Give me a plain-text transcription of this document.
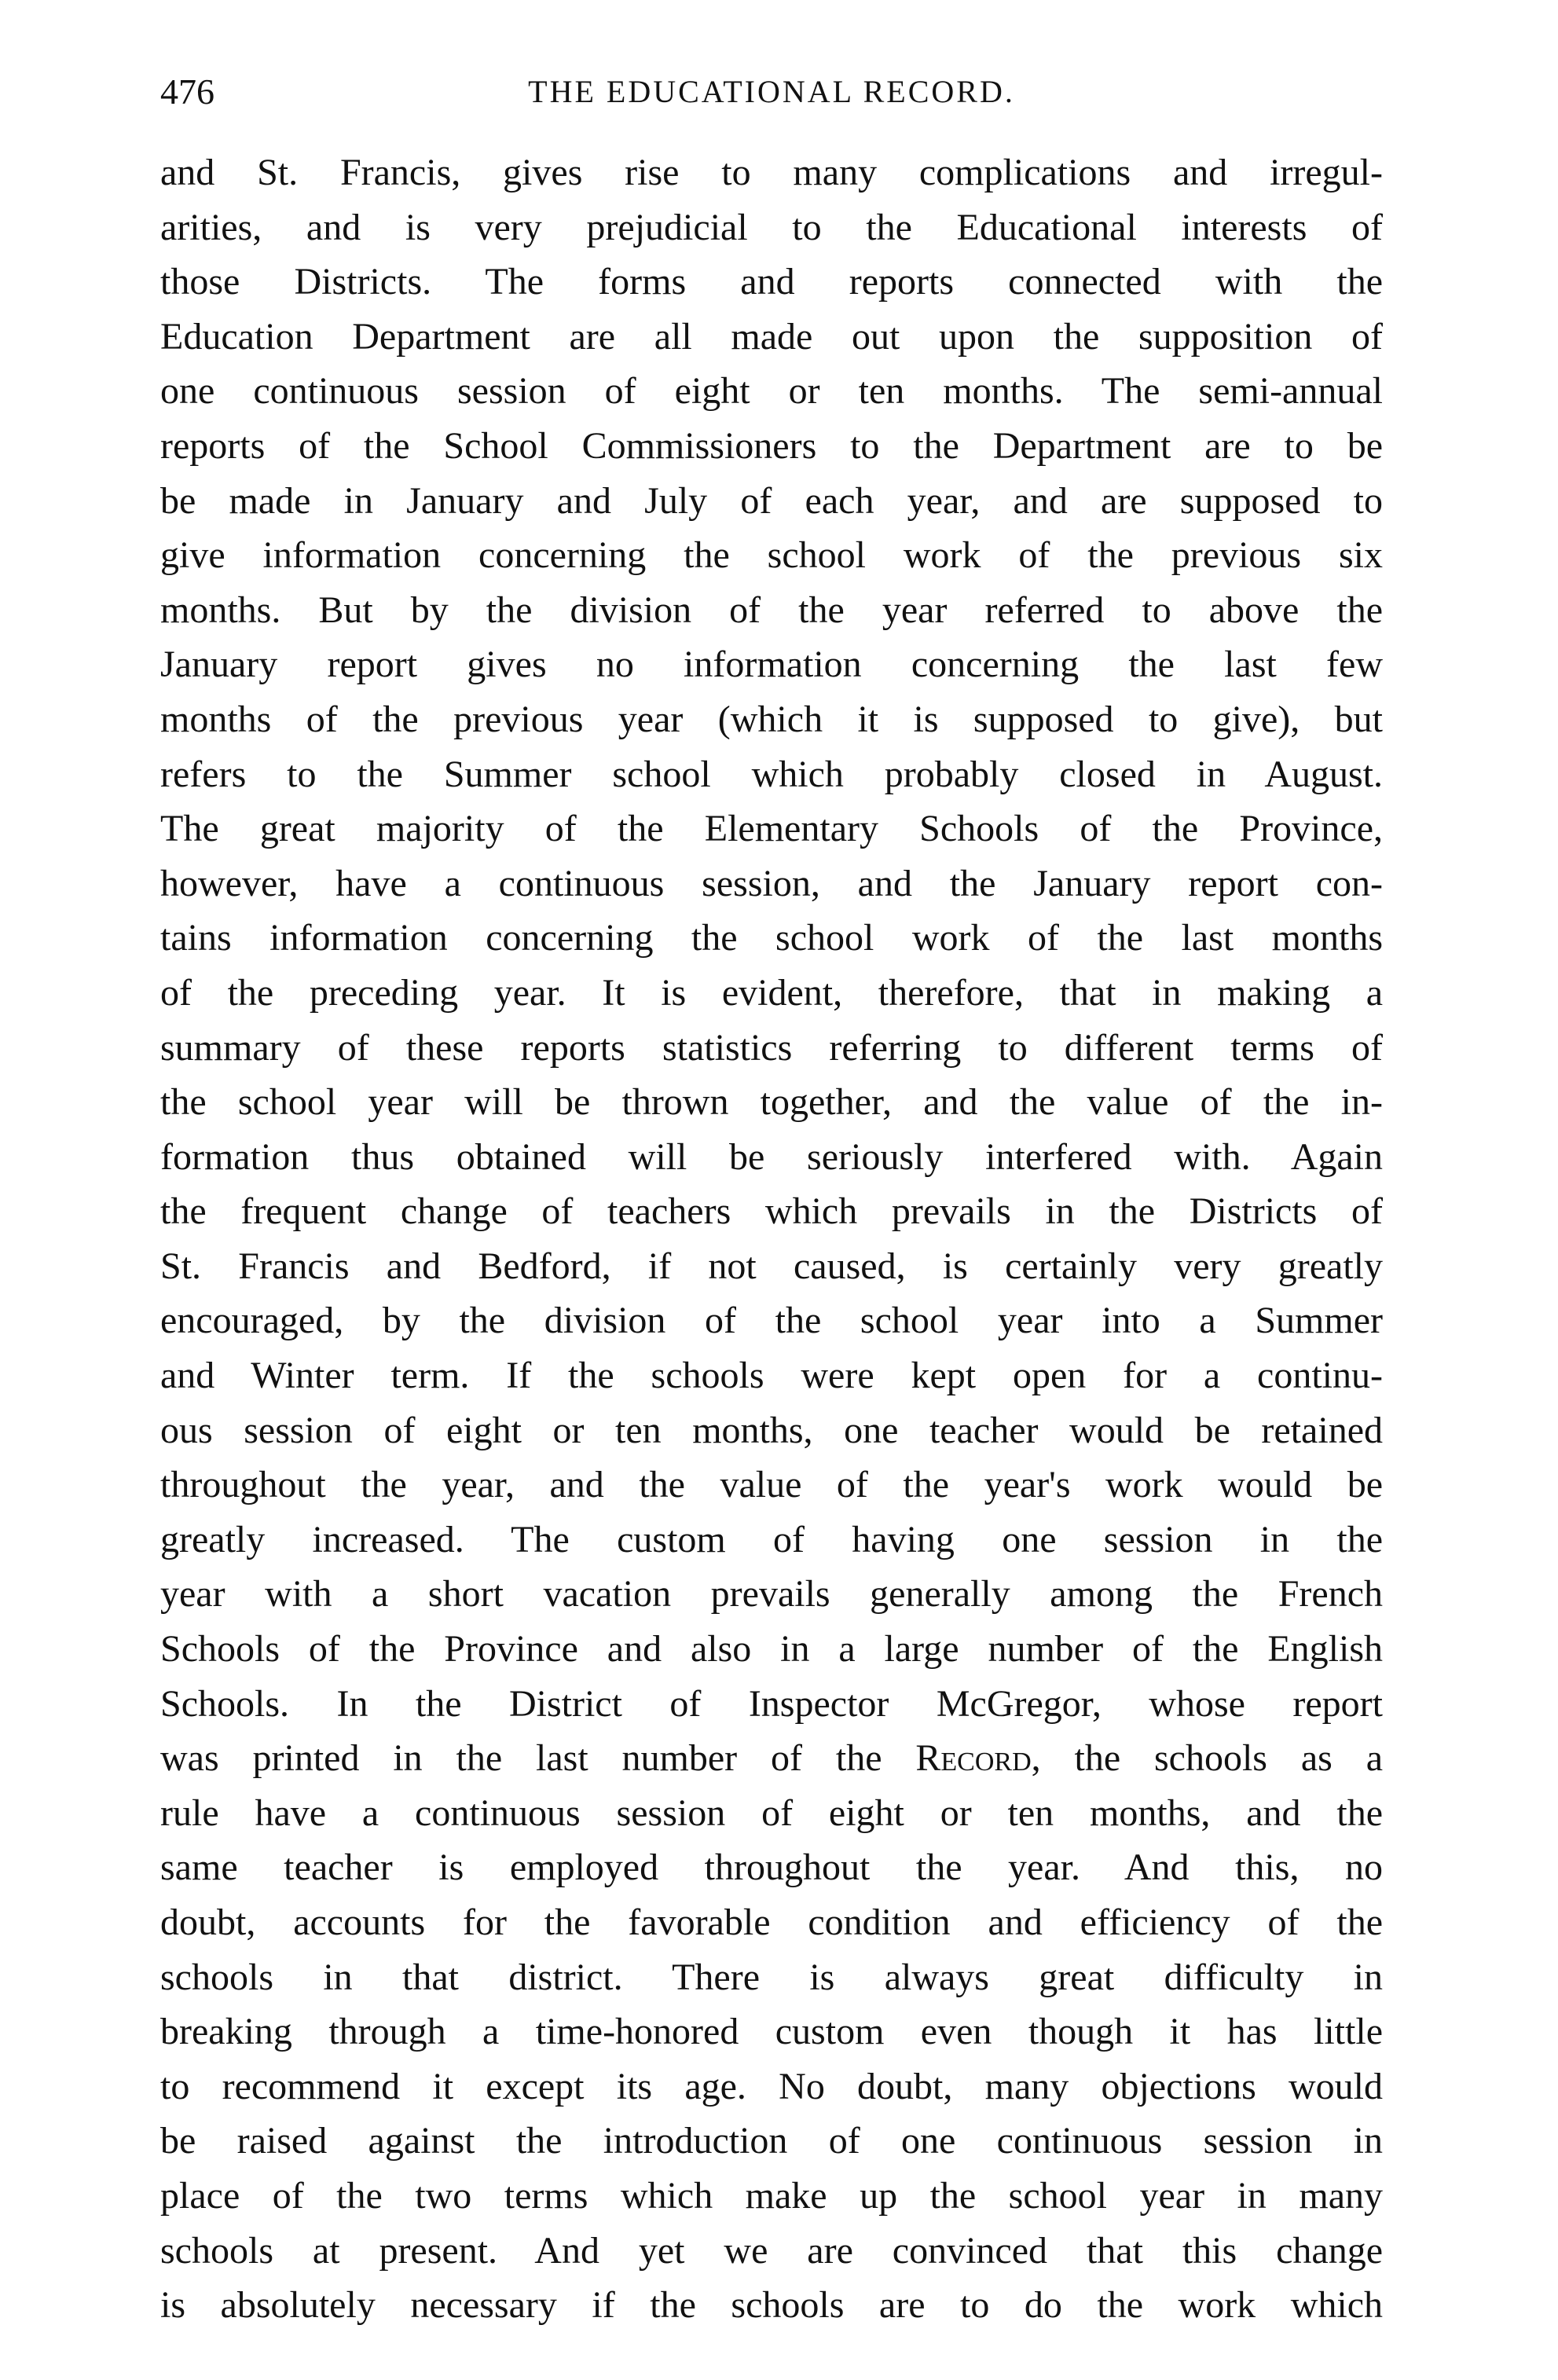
476	THE EDUCATIONAL RECORD.
and St. Francis, gives rise to many complications and irregul-
arities, and is very prejudicial to the Educational interests of
those Districts. The forms and reports connected with the
Education Department are all made out upon the supposition of
one continuous session of eight or ten months. The semi-annual
reports of the School Commissioners to the Department are to be
be made in January and July of each year, and are supposed to
give information concerning the school work of the previous six
months. But by the division of the year referred to above the
January report gives no information concerning the last few
months of the previous year (which it is supposed to give), but
refers to the Summer school which probably closed in August.
The great majority of the Elementary Schools of the Province,
however, have a continuous session, and the January report con-
tains information concerning the school work of the last months
of the preceding year. It is evident, therefore, that in making a
summary of these reports statistics referring to different terms of
the school year will be thrown together, and the value of the in-
formation thus obtained will be seriously interfered with. Again
the frequent change of teachers which prevails in the Districts of
St. Francis and Bedford, if not caused, is certainly very greatly
encouraged, by the division of the school year into a Summer
and Winter term. If the schools were kept open for a continu-
ous session of eight or ten months, one teacher would be retained
throughout the year, and the value of the year's work would be
greatly increased. The custom of having one session in the
year with a short vacation prevails generally among the French
Schools of the Province and also in a large number of the English
Schools. In the District of Inspector McGregor, whose report
was printed in the last number of the Record, the schools as a
rule have a continuous session of eight or ten months, and the
same teacher is employed throughout the year. And this, no
doubt, accounts for the favorable condition and efficiency of the
schools in that district. There is always great difficulty in
breaking through a time-honored custom even though it has little
to recommend it except its age. No doubt, many objections would
be raised against the introduction of one continuous session in
place of the two terms which make up the school year in many
schools at present. And yet we are convinced that this change
is absolutely necessary if the schools are to do the work which
